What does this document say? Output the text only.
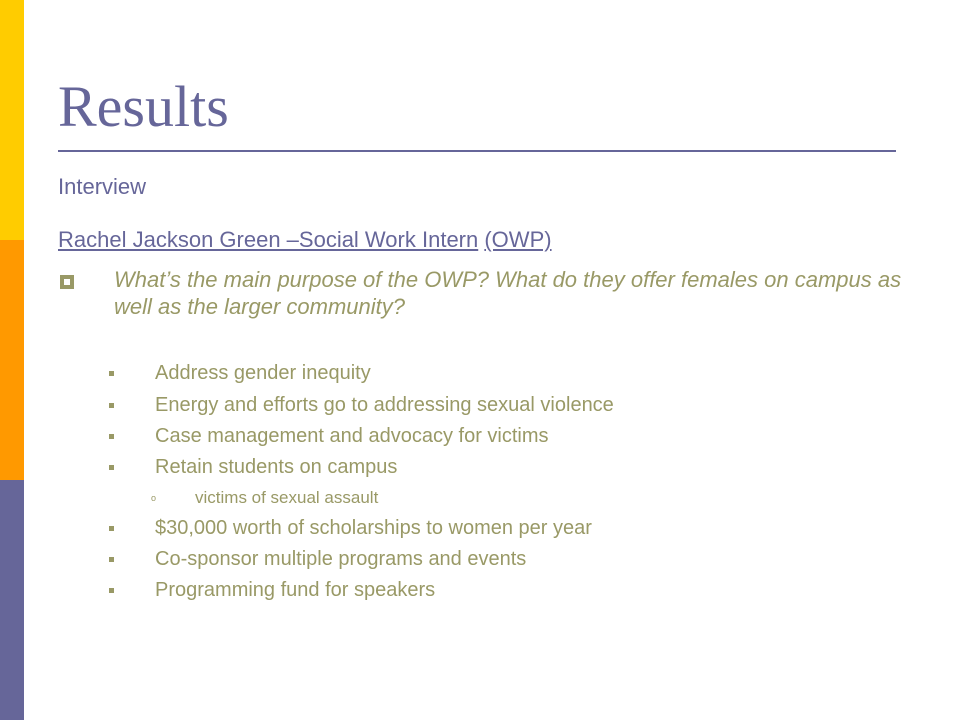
Results
Interview
Rachel Jackson Green –Social Work Intern (OWP)
What’s the main purpose of the OWP? What do they offer females on campus as well as the larger community?
Address gender inequity
Energy and efforts go to addressing sexual violence
Case management and advocacy for victims
Retain students on campus
o victims of sexual assault
$30,000 worth of scholarships to women per year
Co-sponsor multiple programs and events
Programming fund for speakers
